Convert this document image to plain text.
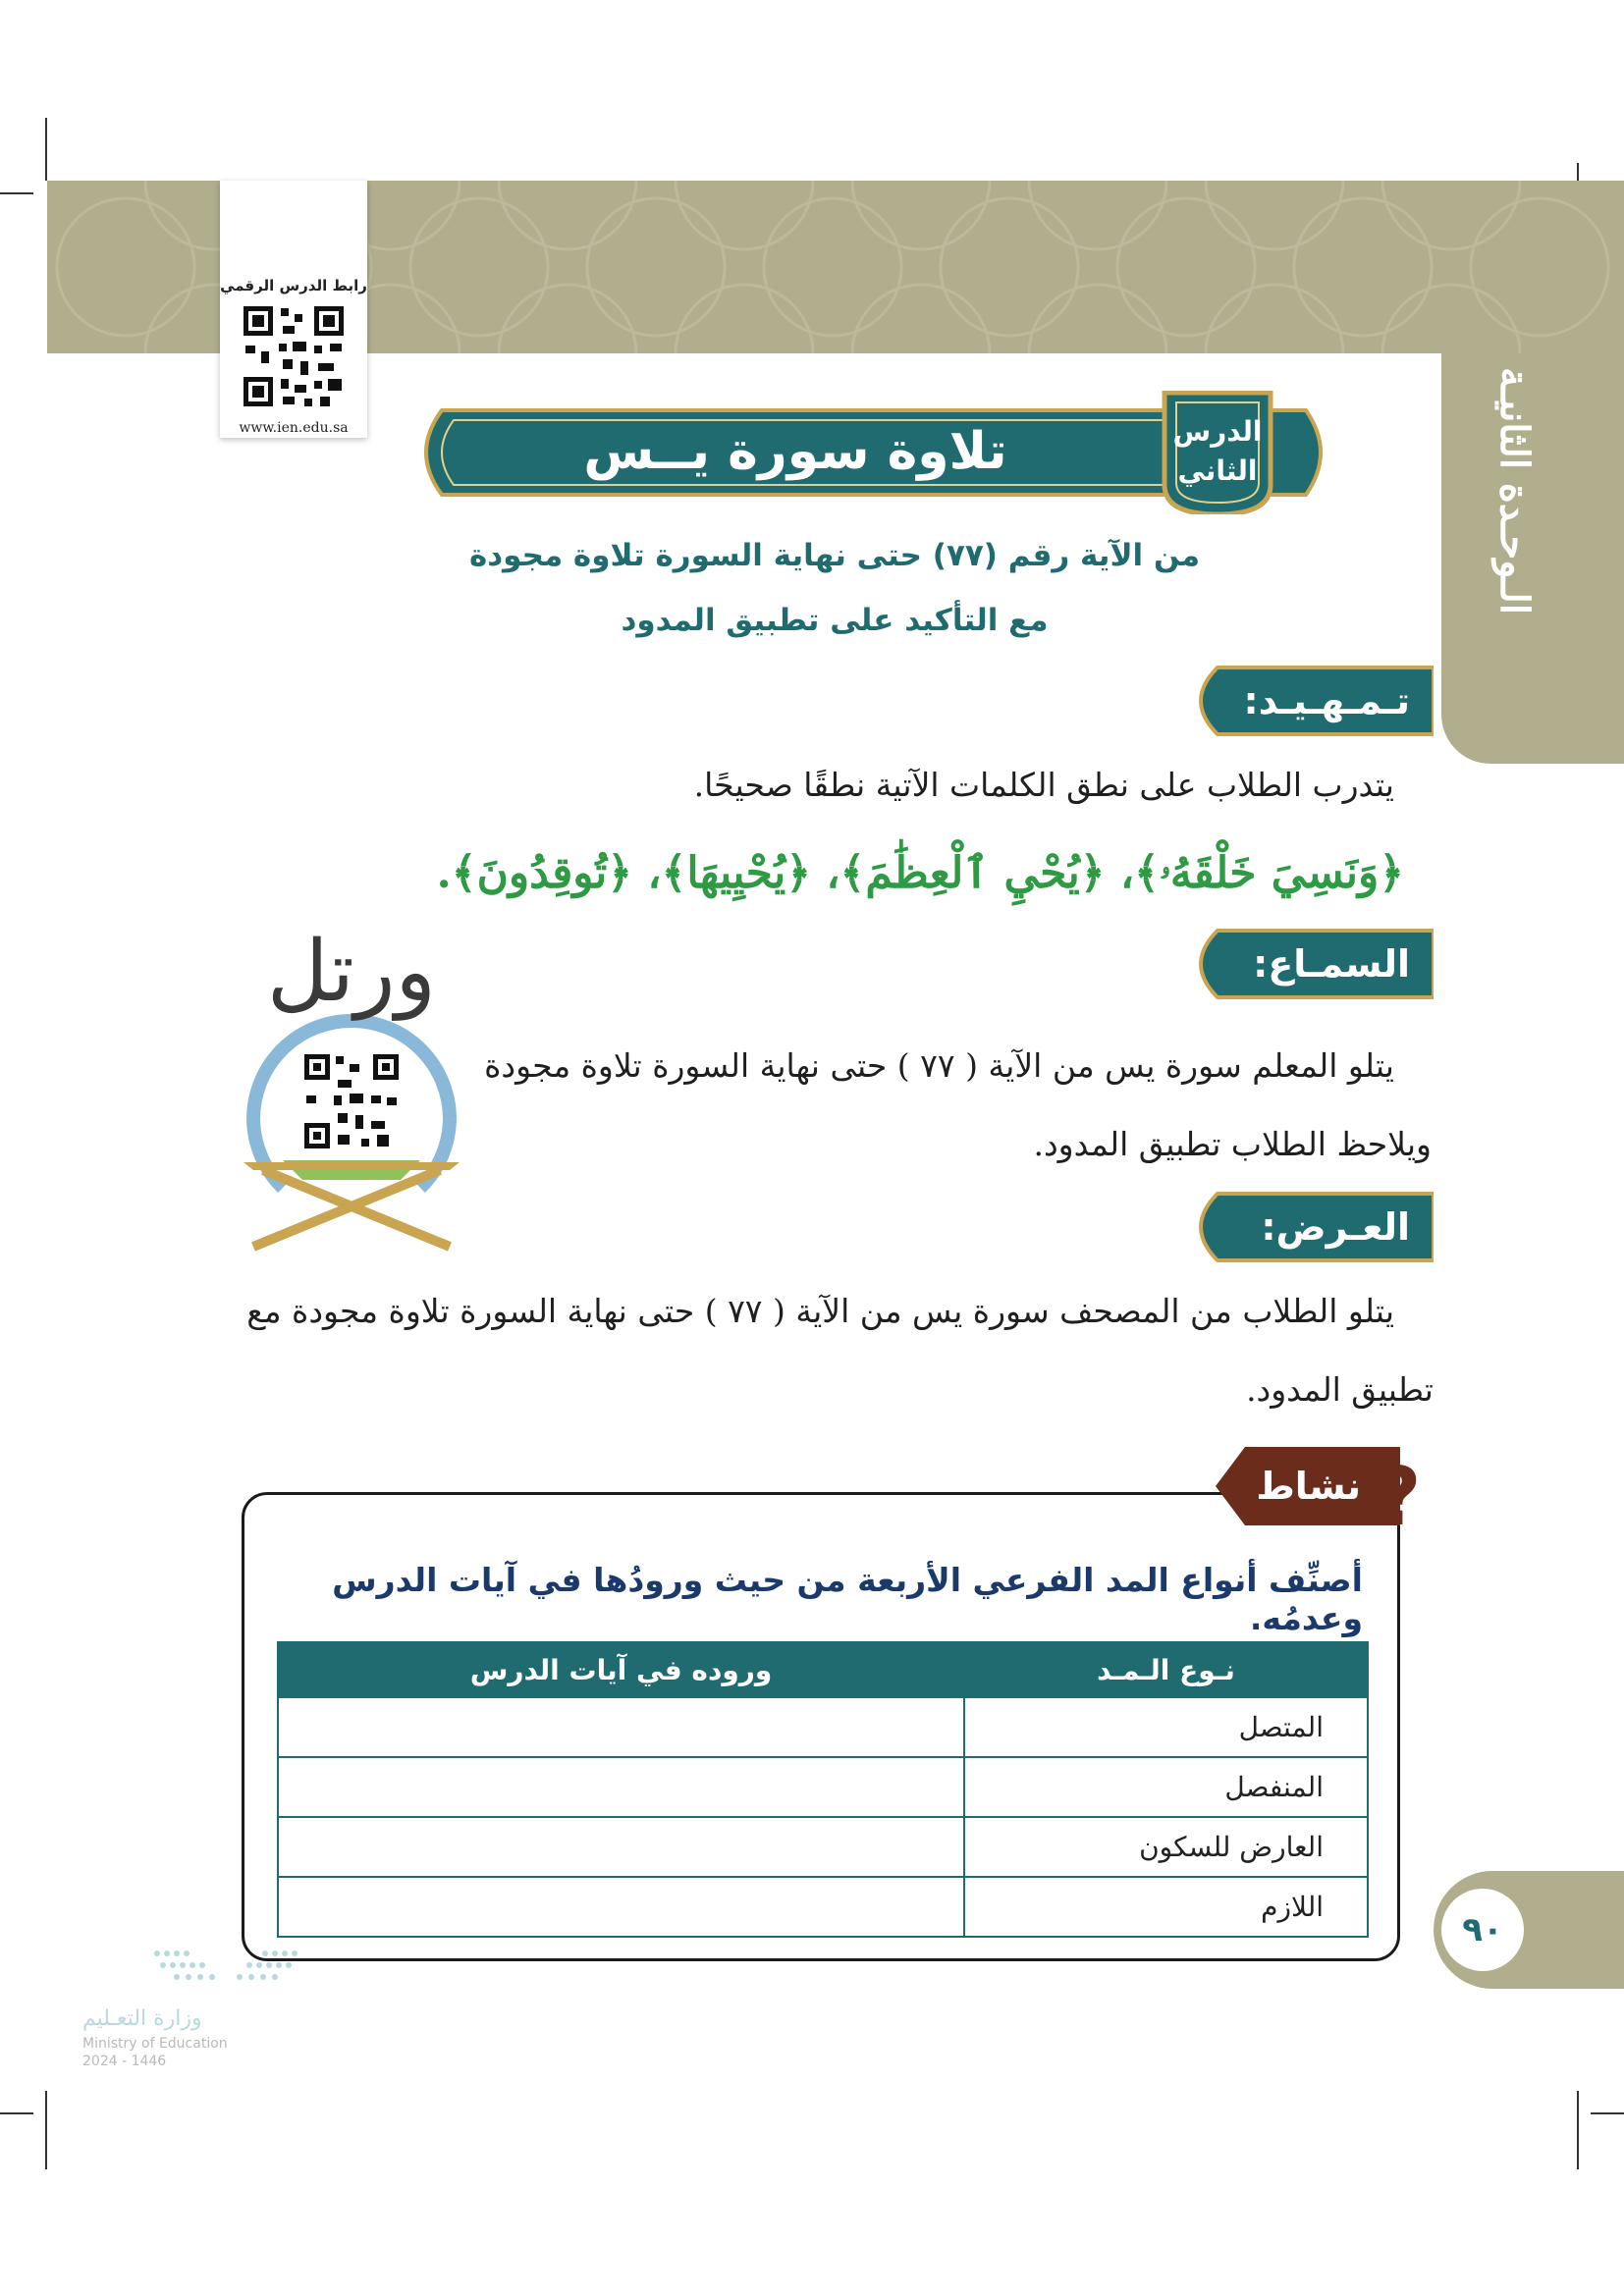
الـوحـدة الثانيـة
رابط الدرس الرقمي
www.ien.edu.sa	تلاوة سورة يــس	الدرس
الثاني
من الآية رقم (٧٧) حتى نهاية السورة تلاوة مجودة
مع التأكيد على تطبيق المدود
تـمـهـيـد:
يتدرب الطلاب على نطق الكلمات الآتية نطقًا صحيحًا.
﴿وَنَسِيَ خَلْقَهُۥ﴾، ﴿يُحْيِ ٱلْعِظَٰمَ﴾، ﴿يُحْيِيهَا﴾، ﴿تُوقِدُونَ﴾.
السمـاع:
ورتل
يتلو المعلم سورة يس من الآية ( ٧٧ ) حتى نهاية السورة تلاوة مجودة
ويلاحظ الطلاب تطبيق المدود.
العـرض:
يتلو الطلاب من المصحف سورة يس من الآية ( ٧٧ ) حتى نهاية السورة تلاوة مجودة مع
تطبيق المدود.
نشاط ?
أصنِّف أنواع المد الفرعي الأربعة من حيث ورودُها في آيات الدرس وعدمُه.
نـوع الـمـد	وروده في آيات الدرس
المتصل	
المنفصل	
العارض للسكون	
اللازم	
٩٠
وزارة التعـليم
Ministry of Education
2024 - 1446
